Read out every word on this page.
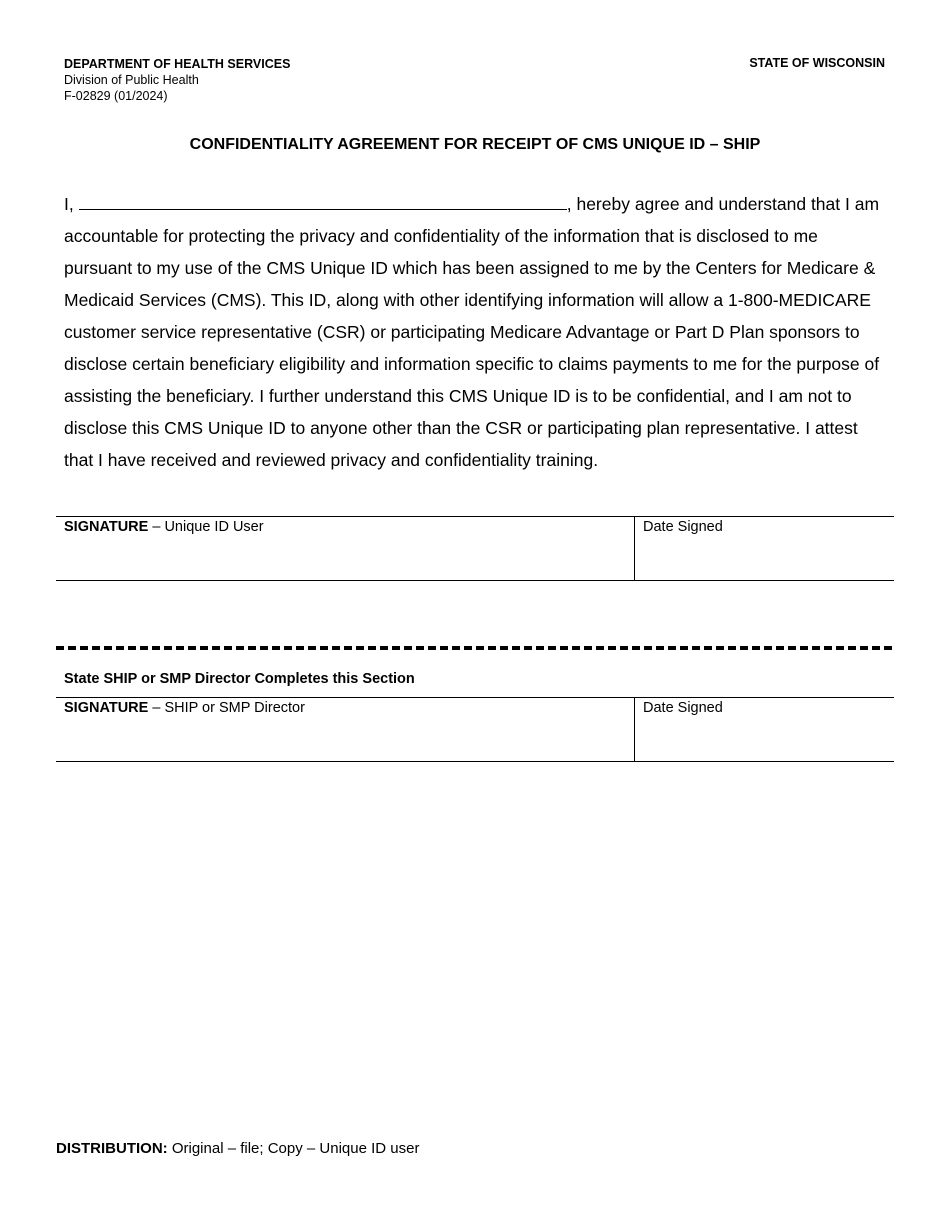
DEPARTMENT OF HEALTH SERVICES
Division of Public Health
F-02829 (01/2024)
STATE OF WISCONSIN
CONFIDENTIALITY AGREEMENT FOR RECEIPT OF CMS UNIQUE ID – SHIP
I,	, hereby agree and understand that I am accountable for protecting the privacy and confidentiality of the information that is disclosed to me pursuant to my use of the CMS Unique ID which has been assigned to me by the Centers for Medicare & Medicaid Services (CMS). This ID, along with other identifying information will allow a 1-800-MEDICARE customer service representative (CSR) or participating Medicare Advantage or Part D Plan sponsors to disclose certain beneficiary eligibility and information specific to claims payments to me for the purpose of assisting the beneficiary. I further understand this CMS Unique ID is to be confidential, and I am not to disclose this CMS Unique ID to anyone other than the CSR or participating plan representative. I attest that I have received and reviewed privacy and confidentiality training.
SIGNATURE – Unique ID User	Date Signed
State SHIP or SMP Director Completes this Section
SIGNATURE – SHIP or SMP Director	Date Signed
DISTRIBUTION: Original – file; Copy – Unique ID user
